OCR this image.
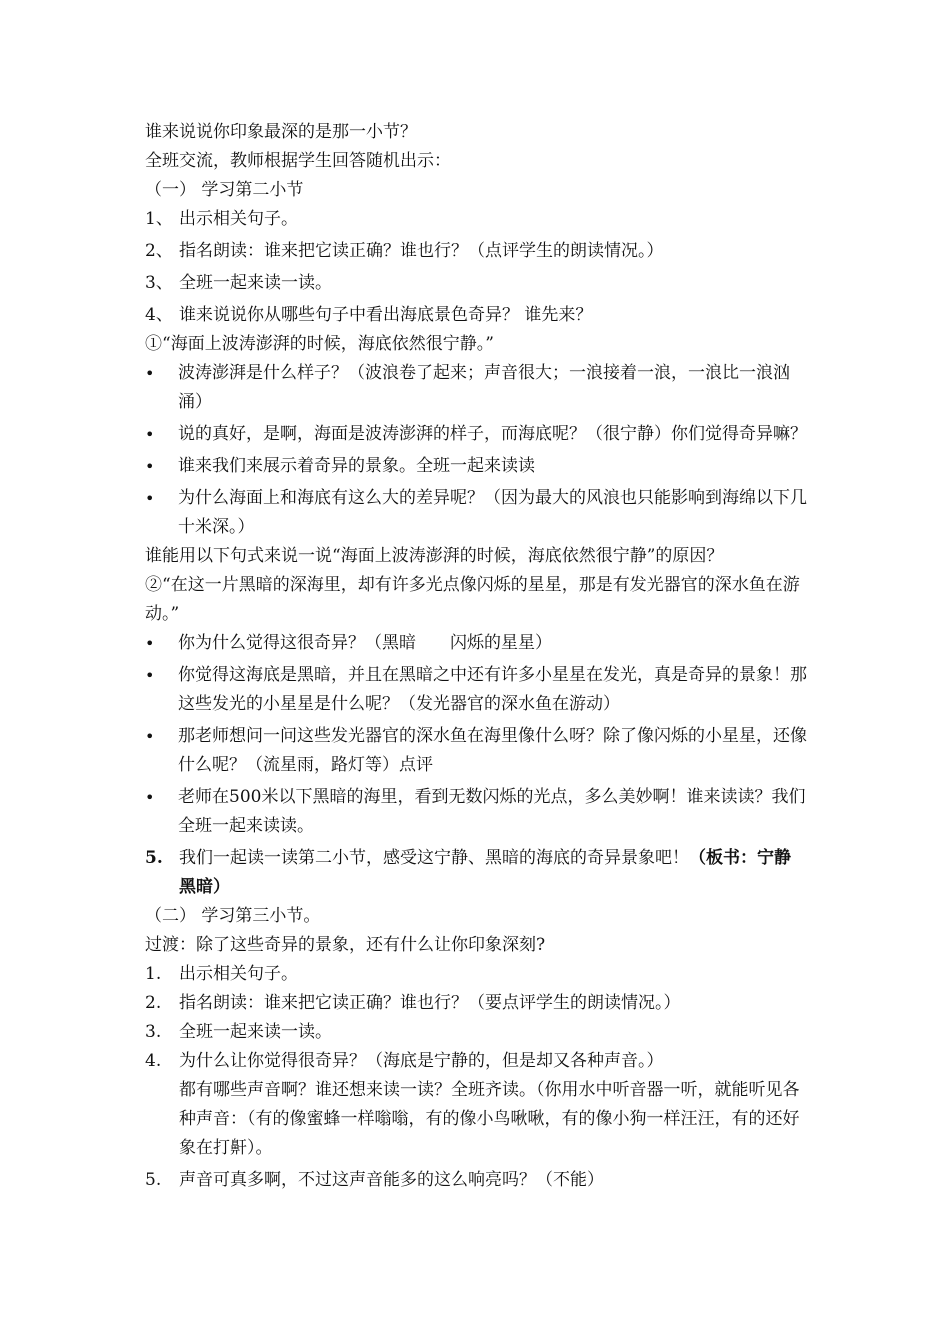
谁来说说你印象最深的是那一小节？

全班交流，教师根据学生回答随机出示：

（一） 学习第二小节

1、 出示相关句子。
2、 指名朗读：谁来把它读正确？谁也行？（点评学生的朗读情况。）
3、 全班一起来读一读。
4、 谁来说说你从哪些句子中看出海底景色奇异？ 谁先来？

①“海面上波涛澎湃的时候，海底依然很宁静。”

•	波涛澎湃是什么样子？（波浪卷了起来；声音很大；一浪接着一浪，一浪比一浪汹涌）
•	说的真好，是啊，海面是波涛澎湃的样子，而海底呢？（很宁静）你们觉得奇异嘛？
•	谁来我们来展示着奇异的景象。全班一起来读读
•	为什么海面上和海底有这么大的差异呢？（因为最大的风浪也只能影响到海绵以下几十米深。）

谁能用以下句式来说一说“海面上波涛澎湃的时候，海底依然很宁静”的原因？

②“在这一片黑暗的深海里，却有许多光点像闪烁的星星，那是有发光器官的深水鱼在游动。”

•	你为什么觉得这很奇异？（黑暗　　闪烁的星星）
•	你觉得这海底是黑暗，并且在黑暗之中还有许多小星星在发光，真是奇异的景象！那这些发光的小星星是什么呢？（发光器官的深水鱼在游动）
•	那老师想问一问这些发光器官的深水鱼在海里像什么呀？除了像闪烁的小星星，还像什么呢？（流星雨，路灯等）点评
•	老师在500米以下黑暗的海里，看到无数闪烁的光点，多么美妙啊！谁来读读？我们全班一起来读读。
5. 我们一起读一读第二小节，感受这宁静、黑暗的海底的奇异景象吧！（板书：宁静　　黑暗）

（二） 学习第三小节。

过渡：除了这些奇异的景象，还有什么让你印象深刻?

1.	出示相关句子。
2.	指名朗读：谁来把它读正确？谁也行？（要点评学生的朗读情况。）
3.	全班一起来读一读。
4.	为什么让你觉得很奇异？（海底是宁静的，但是却又各种声音。）

都有哪些声音啊？谁还想来读一读？全班齐读。（你用水中听音器一听，就能听见各种声音：（有的像蜜蜂一样嗡嗡，有的像小鸟啾啾，有的像小狗一样汪汪，有的还好象在打鼾）。

5.	声音可真多啊，不过这声音能多的这么响亮吗？（不能）
